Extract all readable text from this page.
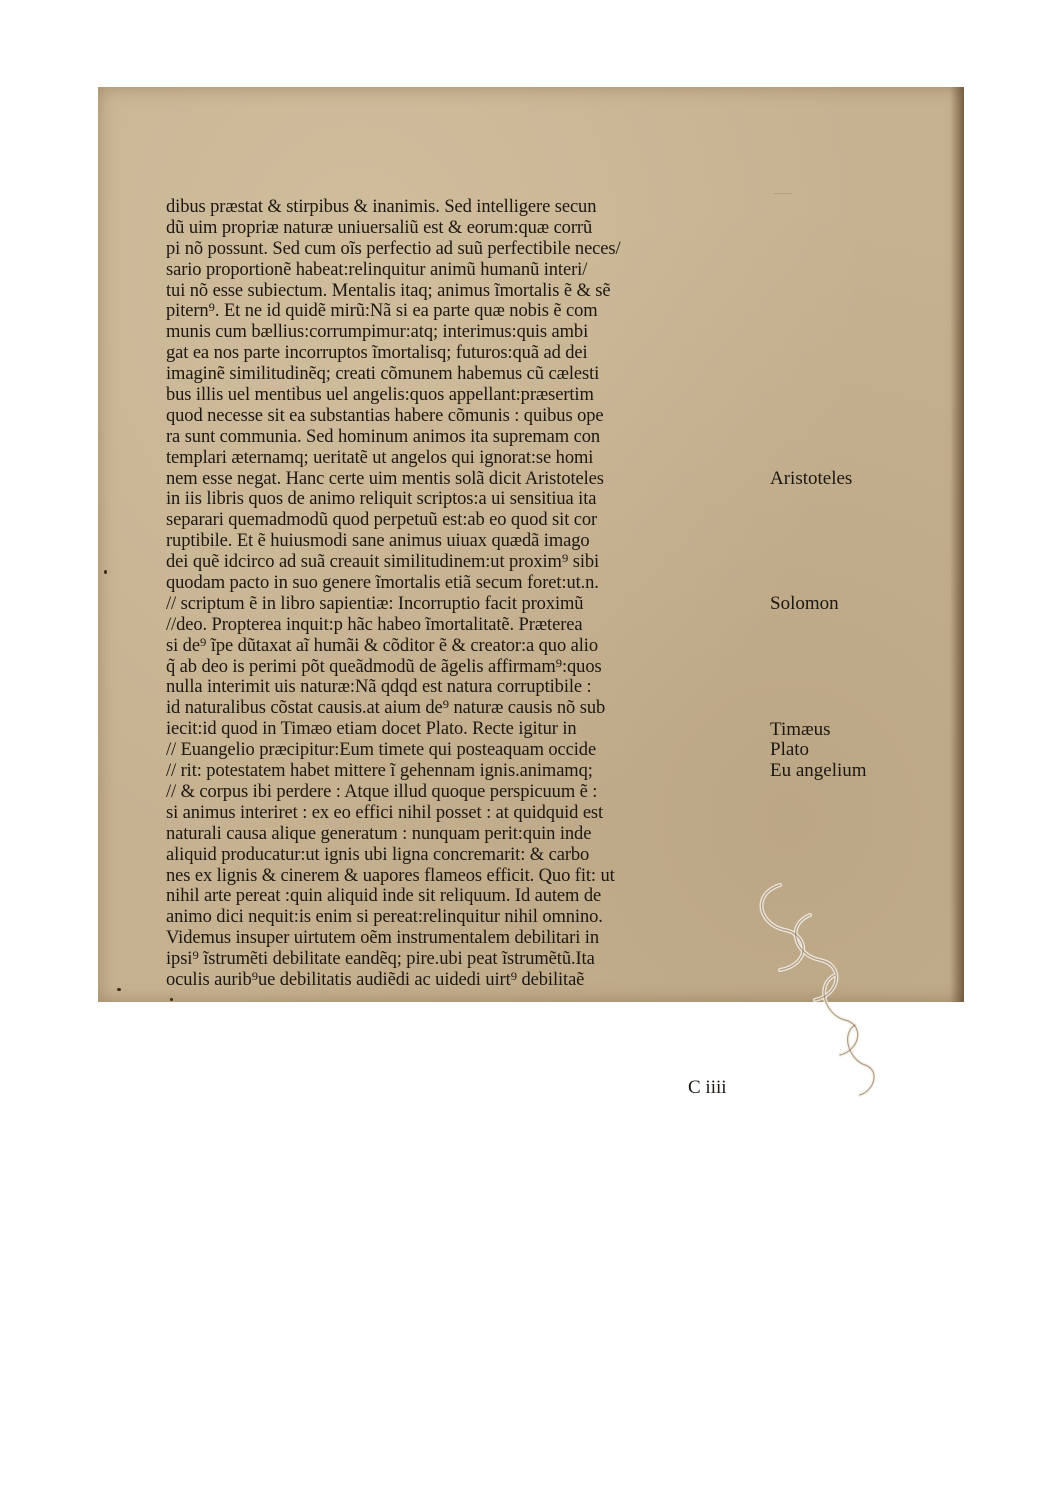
—
dibus præstat & stirpibus & inanimis. Sed intelligere secun
dũ uim propriæ naturæ uniuersaliũ est & eorum:quæ corrũ
pi nõ possunt. Sed cum oĩs perfectio ad suũ perfectibile neces/
sario proportionẽ habeat:relinquitur animũ humanũ interi/
tui nõ esse subiectum. Mentalis itaq; animus ĩmortalis ẽ & sẽ
pitern⁹. Et ne id quidẽ mirũ:Nã si ea parte quæ nobis ẽ com
munis cum bællius:corrumpimur:atq; interimus:quis ambi
gat ea nos parte incorruptos ĩmortalisq; futuros:quã ad dei
imaginẽ similitudinẽq; creati cõmunem habemus cũ cælesti
bus illis uel mentibus uel angelis:quos appellant:præsertim
quod necesse sit ea substantias habere cõmunis : quibus ope
ra sunt communia. Sed hominum animos ita supremam con
templari æternamq; ueritatẽ ut angelos qui ignorat:se homi
nem esse negat. Hanc certe uim mentis solã dicit Aristoteles
in iis libris quos de animo reliquit scriptos:a ui sensitiua ita
separari quemadmodũ quod perpetuũ est:ab eo quod sit cor
ruptibile. Et ẽ huiusmodi sane animus uiuax quædã imago
dei quẽ idcirco ad suã creauit similitudinem:ut proxim⁹ sibi
quodam pacto in suo genere ĩmortalis etiã secum foret:ut.n.
// scriptum ẽ in libro sapientiæ: Incorruptio facit proximũ
//deo. Propterea inquit:p hãc habeo ĩmortalitatẽ. Præterea
si de⁹ ĩpe dũtaxat aĩ humãi & cõditor ẽ & creator:a quo alio
q̃ ab deo is perimi põt queãdmodũ de ãgelis affirmam⁹:quos
nulla interimit uis naturæ:Nã qdqd est natura corruptibile :
id naturalibus cõstat causis.at aium de⁹ naturæ causis nõ sub
iecit:id quod in Timæo etiam docet Plato. Recte igitur in
// Euangelio præcipitur:Eum timete qui posteaquam occide
// rit: potestatem habet mittere ĩ gehennam ignis.animamq;
// & corpus ibi perdere : Atque illud quoque perspicuum ẽ :
si animus interiret : ex eo effici nihil posset : at quidquid est
naturali causa alique generatum : nunquam perit:quin inde
aliquid producatur:ut ignis ubi ligna concremarit: & carbo
nes ex lignis & cinerem & uapores flameos efficit. Quo fit: ut
nihil arte pereat :quin aliquid inde sit reliquum. Id autem de
animo dici nequit:is enim si pereat:relinquitur nihil omnino.
Videmus insuper uirtutem oẽm instrumentalem debilitari in
ipsi⁹ ĩstrumẽti debilitate eandẽq; pire.ubi peat ĩstrumẽtũ.Ita
oculis aurib⁹ue debilitatis audiẽdi ac uidedi uirt⁹ debilitaẽ
Aristoteles
Solomon
Timæus
Plato
Eu angelium
C iiii
